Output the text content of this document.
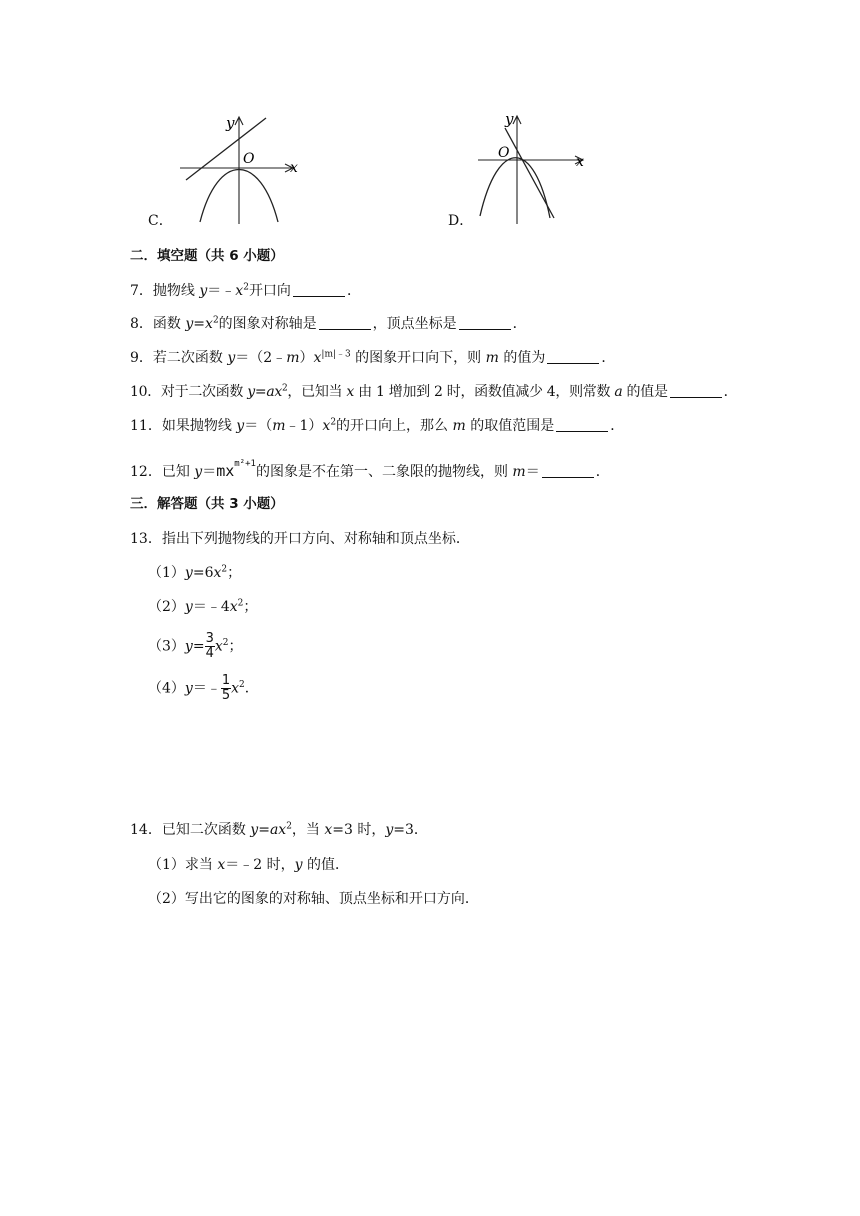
y
x
O
C．
y
x
O
D．
二．填空题（共 6 小题）
7．抛物线 $y=﹣x^2$开口向	．
8．函数 $y=x^2$的图象对称轴是	，顶点坐标是	．
9．若二次函数 $y=(2﹣m)x^{|m|﹣3}$ 的图象开口向下，则 m 的值为	．
10．对于二次函数 $y=ax^2$，已知当 x 由 1 增加到 2 时，函数值减少 4，则常数 a 的值是	．
11．如果抛物线 $y=(m﹣1)x^2$的开口向上，那么 m 的取值范围是	．
12．已知 $y=mx^{m^2+1}$的图象是不在第一、二象限的抛物线，则 m＝	．
三．解答题（共 3 小题）
13．指出下列抛物线的开口方向、对称轴和顶点坐标．
$(1)y=6x^2$；
$(2)y=﹣4x^2$；
$(3)y= \frac{3}{4} x^2$；
（4）y＝﹣ $\frac{1}{5} x^2$．
14．已知二次函数 $y=ax^2$，当 x=3 时，y=3．
（1）求当 x＝﹣2 时，y 的值．
（2）写出它的图象的对称轴、顶点坐标和开口方向．
